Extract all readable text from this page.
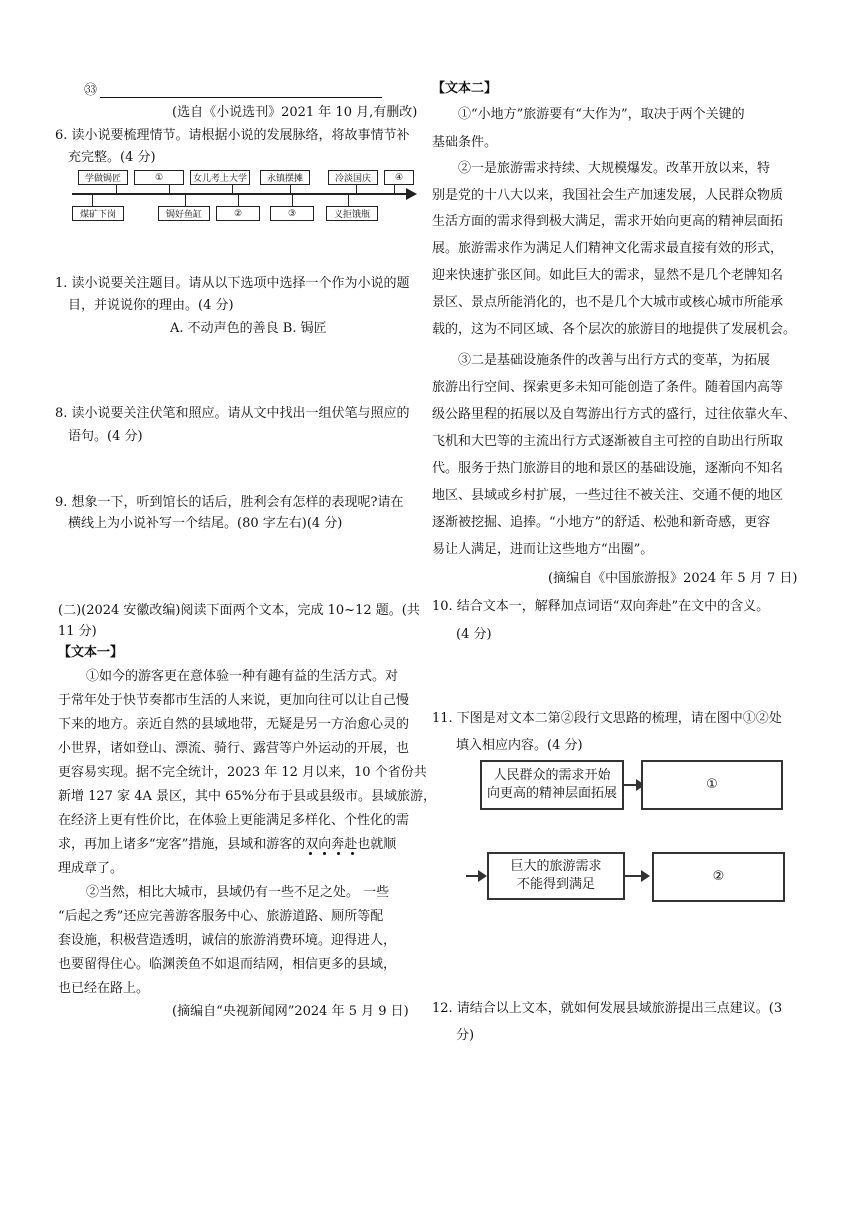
㉝
(选自《小说选刊》2021 年 10 月,有删改)
6. 读小说要梳理情节。请根据小说的发展脉络，将故事情节补
充完整。(4 分)
学做锔匠	①	女儿考上大学	永镇摆摊	冷淡国庆	④
煤矿下岗	锔好鱼缸	②	③	义拒饿瓶
1. 读小说要关注题目。请从以下选项中选择一个作为小说的题
目，并说说你的理由。(4 分)
A. 不动声色的善良 B. 锔匠
8. 读小说要关注伏笔和照应。请从文中找出一组伏笔与照应的
语句。(4 分)
9. 想象一下，听到馆长的话后，胜利会有怎样的表现呢?请在
横线上为小说补写一个结尾。(80 字左右)(4 分)
(二)(2024 安徽改编)阅读下面两个文本，完成 10~12 题。(共
11 分)
【文本一】
①如今的游客更在意体验一种有趣有益的生活方式。对
于常年处于快节奏都市生活的人来说，更加向往可以让自己慢
下来的地方。亲近自然的县域地带，无疑是另一方治愈心灵的
小世界，诸如登山、漂流、骑行、露营等户外运动的开展，也
更容易实现。据不完全统计，2023 年 12 月以来，10 个省份共
新增 127 家 4A 景区，其中 65%分布于县或县级市。县域旅游，
在经济上更有性价比，在体验上更能满足多样化、个性化的需
求，再加上诸多“宠客”措施，县域和游客的双向奔赴也就顺
理成章了。
②当然，相比大城市，县域仍有一些不足之处。 一些
“后起之秀”还应完善游客服务中心、旅游道路、厕所等配
套设施，积极营造透明，诚信的旅游消费环境。迎得进人，
也要留得住心。临渊羡鱼不如退而结网，相信更多的县域，
也已经在路上。
(摘编自“央视新闻网”2024 年 5 月 9 日)
【文本二】
①“小地方”旅游要有“大作为”，取决于两个关键的
基础条件。
②一是旅游需求持续、大规模爆发。改革开放以来，特
别是党的十八大以来，我国社会生产加速发展，人民群众物质
生活方面的需求得到极大满足，需求开始向更高的精神层面拓
展。旅游需求作为满足人们精神文化需求最直接有效的形式，
迎来快速扩张区间。如此巨大的需求，显然不是几个老牌知名
景区、景点所能消化的，也不是几个大城市或核心城市所能承
载的，这为不同区域、各个层次的旅游目的地提供了发展机会。
③二是基础设施条件的改善与出行方式的变革，为拓展
旅游出行空间、探索更多未知可能创造了条件。随着国内高等
级公路里程的拓展以及自驾游出行方式的盛行，过往依靠火车、
飞机和大巴等的主流出行方式逐渐被自主可控的自助出行所取
代。服务于热门旅游目的地和景区的基础设施，逐渐向不知名
地区、县域或乡村扩展，一些过往不被关注、交通不便的地区
逐渐被挖掘、追捧。“小地方”的舒适、松弛和新奇感，更容
易让人满足，进而让这些地方“出圈”。
(摘编自《中国旅游报》2024 年 5 月 7 日)
10. 结合文本一，解释加点词语“双向奔赴”在文中的含义。
(4 分)
11. 下图是对文本二第②段行文思路的梳理，请在图中①②处
填入相应内容。(4 分)
人民群众的需求开始
向更高的精神层面拓展
①
巨大的旅游需求
不能得到满足
②
12. 请结合以上文本，就如何发展县域旅游提出三点建议。(3
分)
